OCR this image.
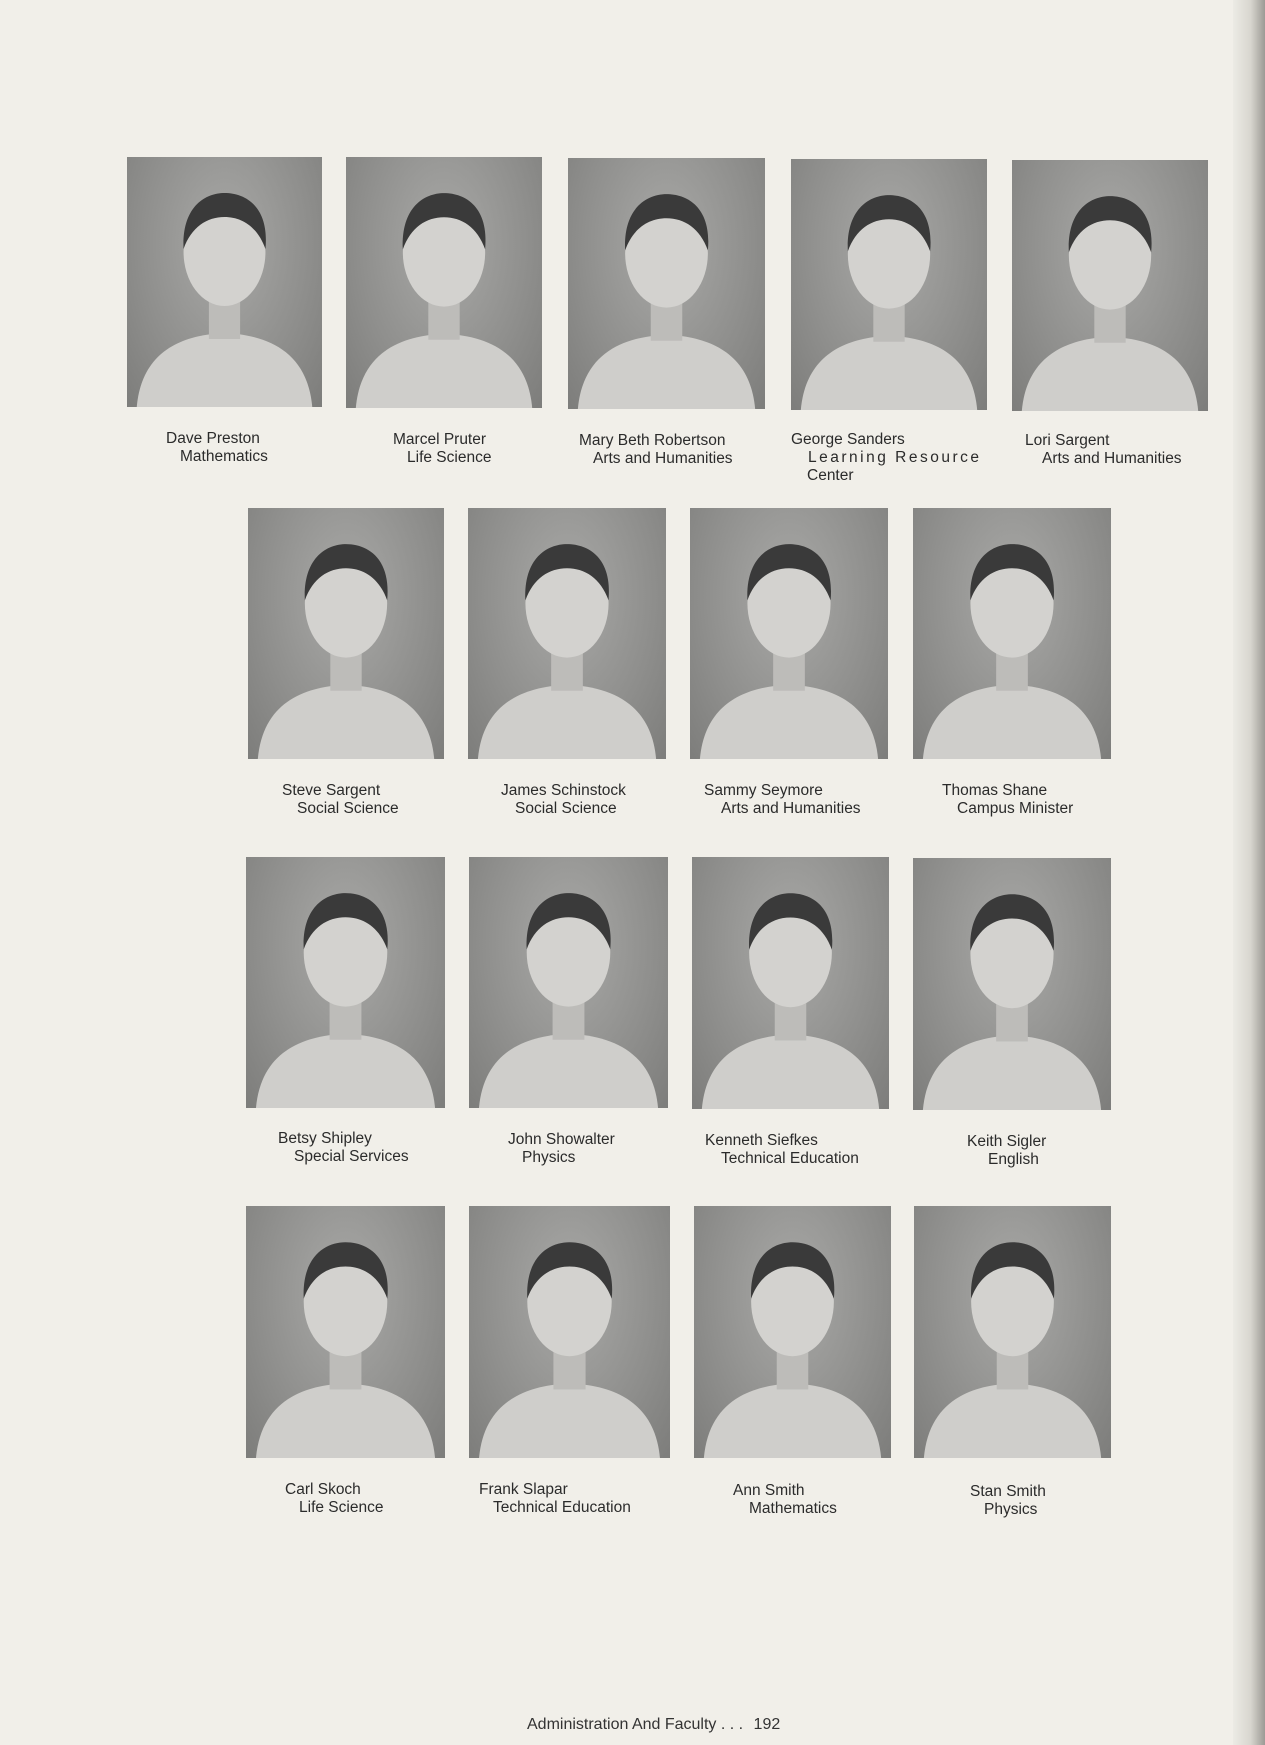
Dave Preston
Mathematics
Marcel Pruter
Life Science
Mary Beth Robertson
Arts and Humanities
George Sanders
Learning Resource
Center
Lori Sargent
Arts and Humanities
Steve Sargent
Social Science
James Schinstock
Social Science
Sammy Seymore
Arts and Humanities
Thomas Shane
Campus Minister
Betsy Shipley
Special Services
John Showalter
Physics
Kenneth Siefkes
Technical Education
Keith Sigler
English
Carl Skoch
Life Science
Frank Slapar
Technical Education
Ann Smith
Mathematics
Stan Smith
Physics
Administration And Faculty . . . 192
